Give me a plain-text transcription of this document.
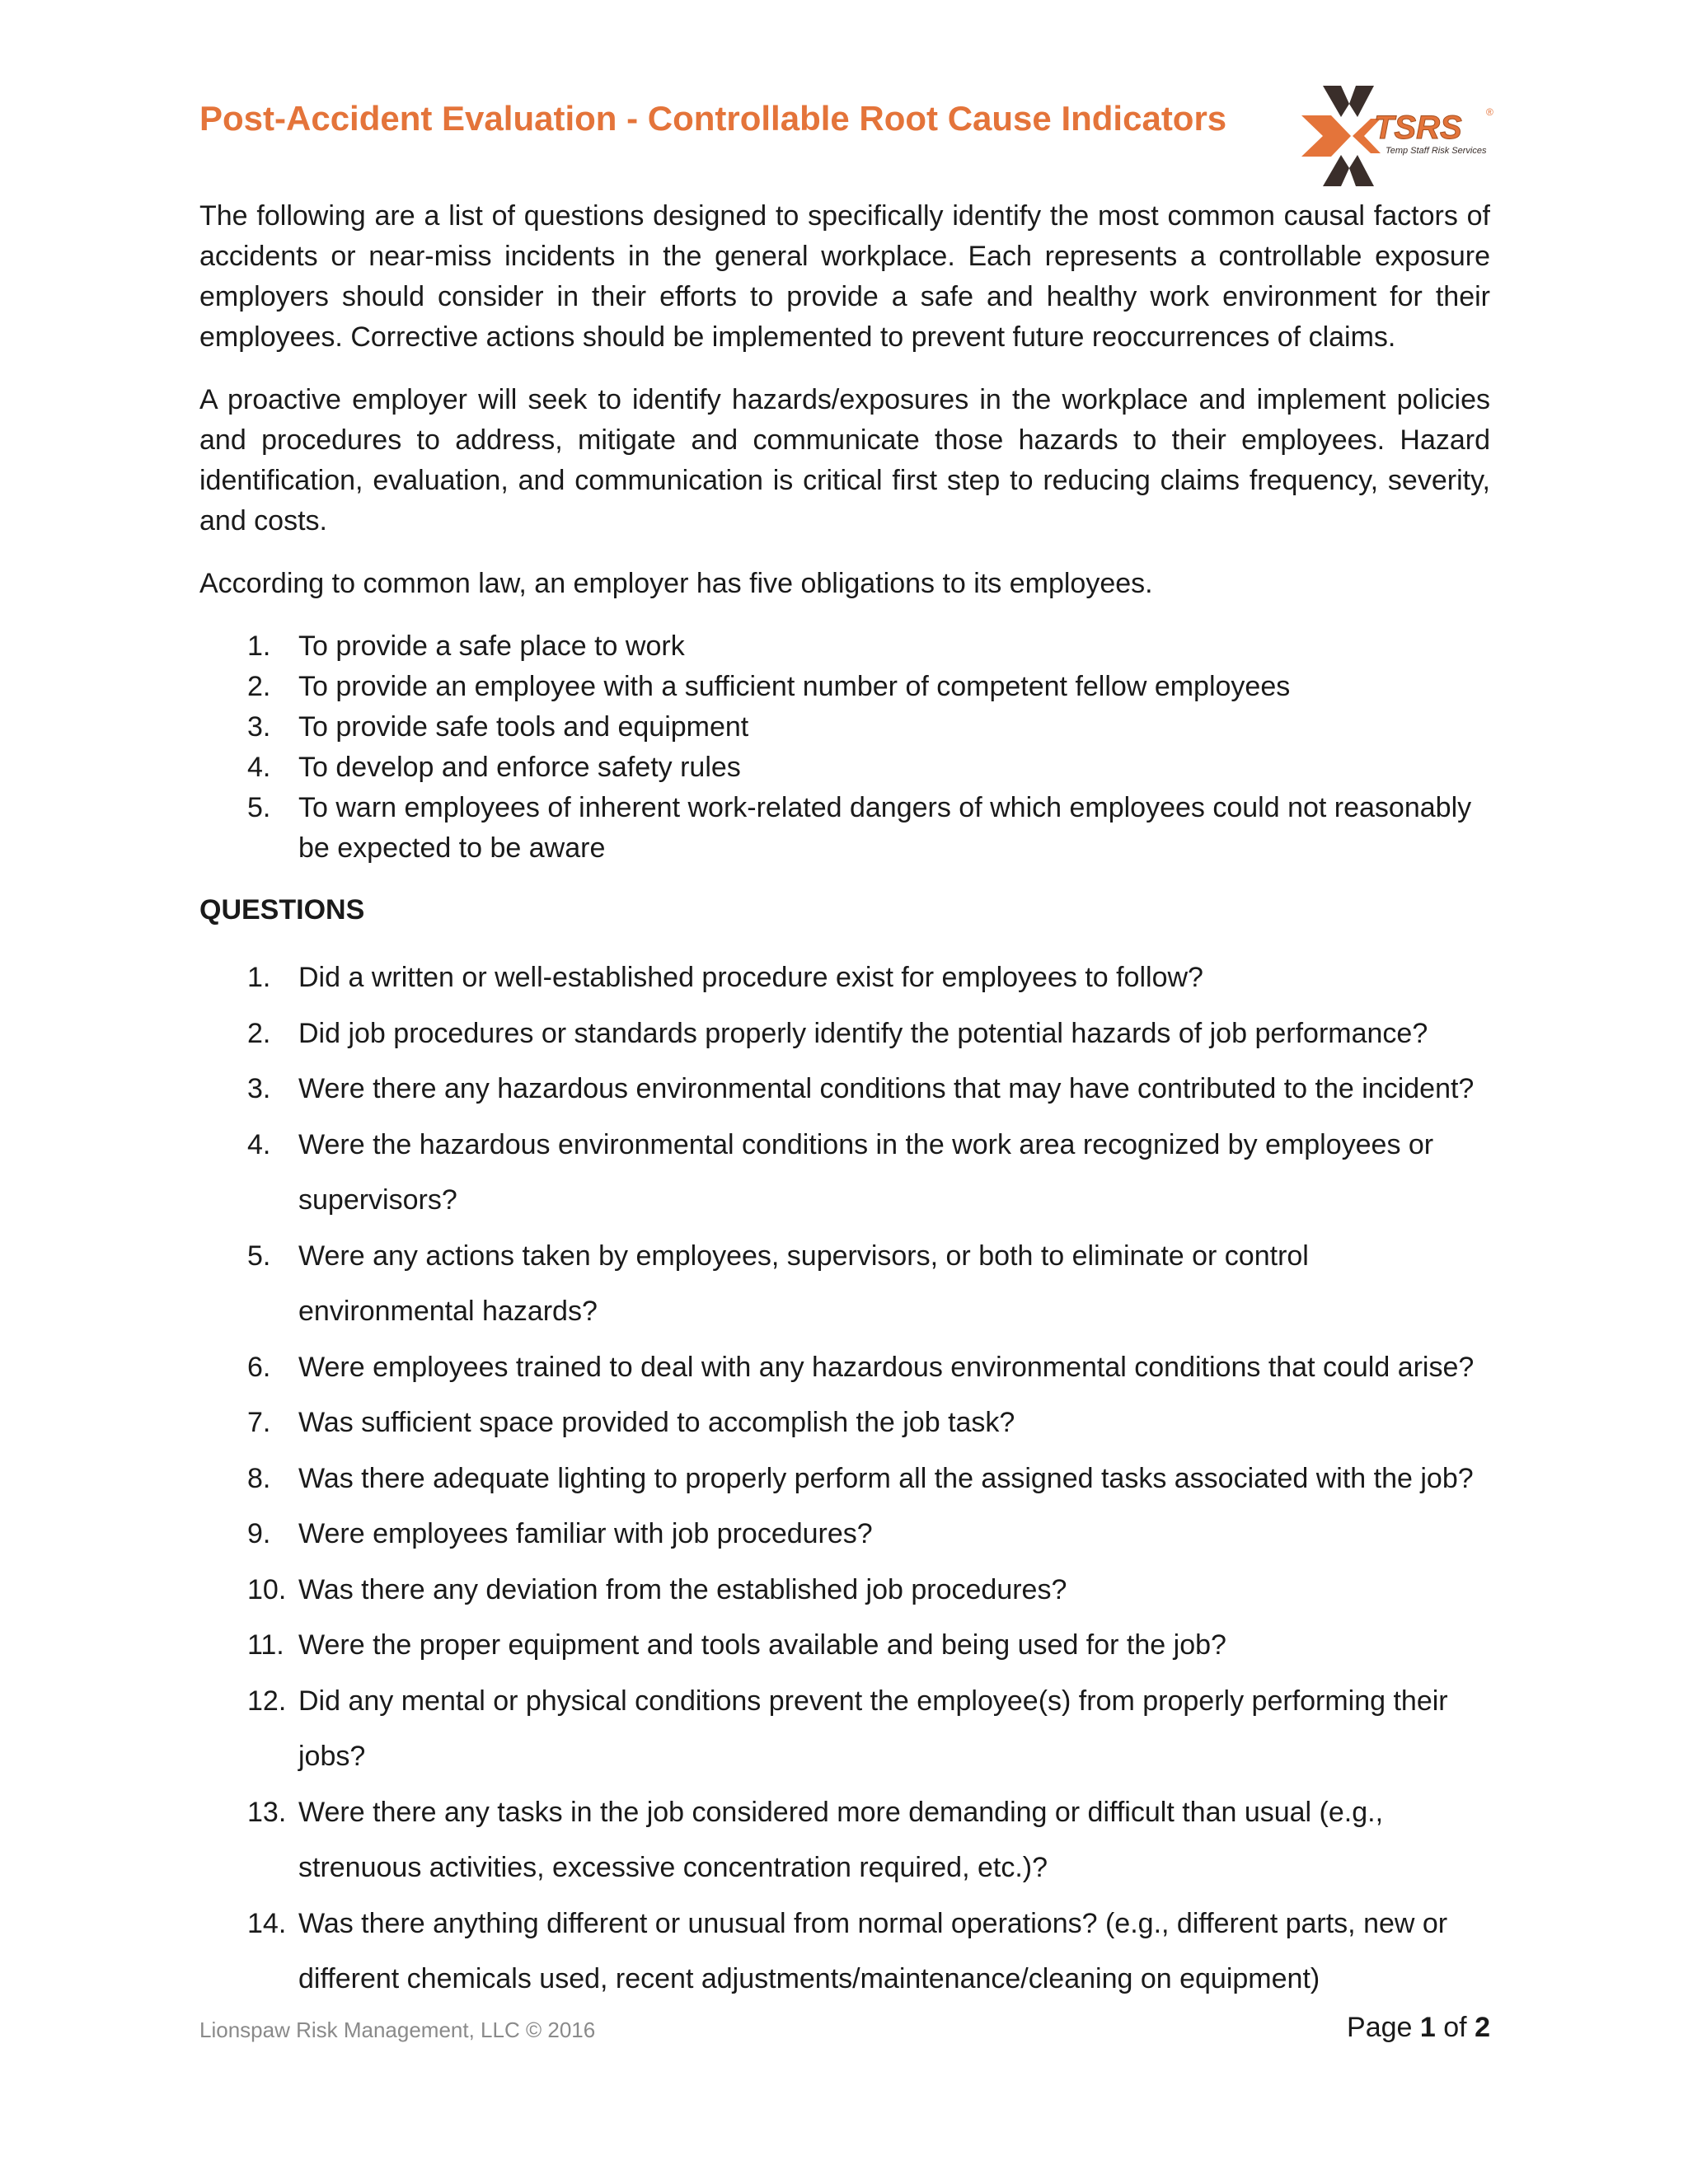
Post-Accident Evaluation - Controllable Root Cause Indicators	TSRS ®
Temp Staff Risk Services

The following are a list of questions designed to specifically identify the most common causal factors of accidents or near-miss incidents in the general workplace. Each represents a controllable exposure employers should consider in their efforts to provide a safe and healthy work environment for their employees. Corrective actions should be implemented to prevent future reoccurrences of claims.

A proactive employer will seek to identify hazards/exposures in the workplace and implement policies and procedures to address, mitigate and communicate those hazards to their employees. Hazard identification, evaluation, and communication is critical first step to reducing claims frequency, severity, and costs.

According to common law, an employer has five obligations to its employees.

1. To provide a safe place to work
2. To provide an employee with a sufficient number of competent fellow employees
3. To provide safe tools and equipment
4. To develop and enforce safety rules
5. To warn employees of inherent work-related dangers of which employees could not reasonably be expected to be aware
QUESTIONS
1. Did a written or well-established procedure exist for employees to follow?
2. Did job procedures or standards properly identify the potential hazards of job performance?
3. Were there any hazardous environmental conditions that may have contributed to the incident?
4. Were the hazardous environmental conditions in the work area recognized by employees or supervisors?
5. Were any actions taken by employees, supervisors, or both to eliminate or control environmental hazards?
6. Were employees trained to deal with any hazardous environmental conditions that could arise?
7. Was sufficient space provided to accomplish the job task?
8. Was there adequate lighting to properly perform all the assigned tasks associated with the job?
9. Were employees familiar with job procedures?
10. Was there any deviation from the established job procedures?
11. Were the proper equipment and tools available and being used for the job?
12. Did any mental or physical conditions prevent the employee(s) from properly performing their jobs?
13. Were there any tasks in the job considered more demanding or difficult than usual (e.g., strenuous activities, excessive concentration required, etc.)?
14. Was there anything different or unusual from normal operations? (e.g., different parts, new or different chemicals used, recent adjustments/maintenance/cleaning on equipment)
Lionspaw Risk Management, LLC © 2016	Page 1 of 2
